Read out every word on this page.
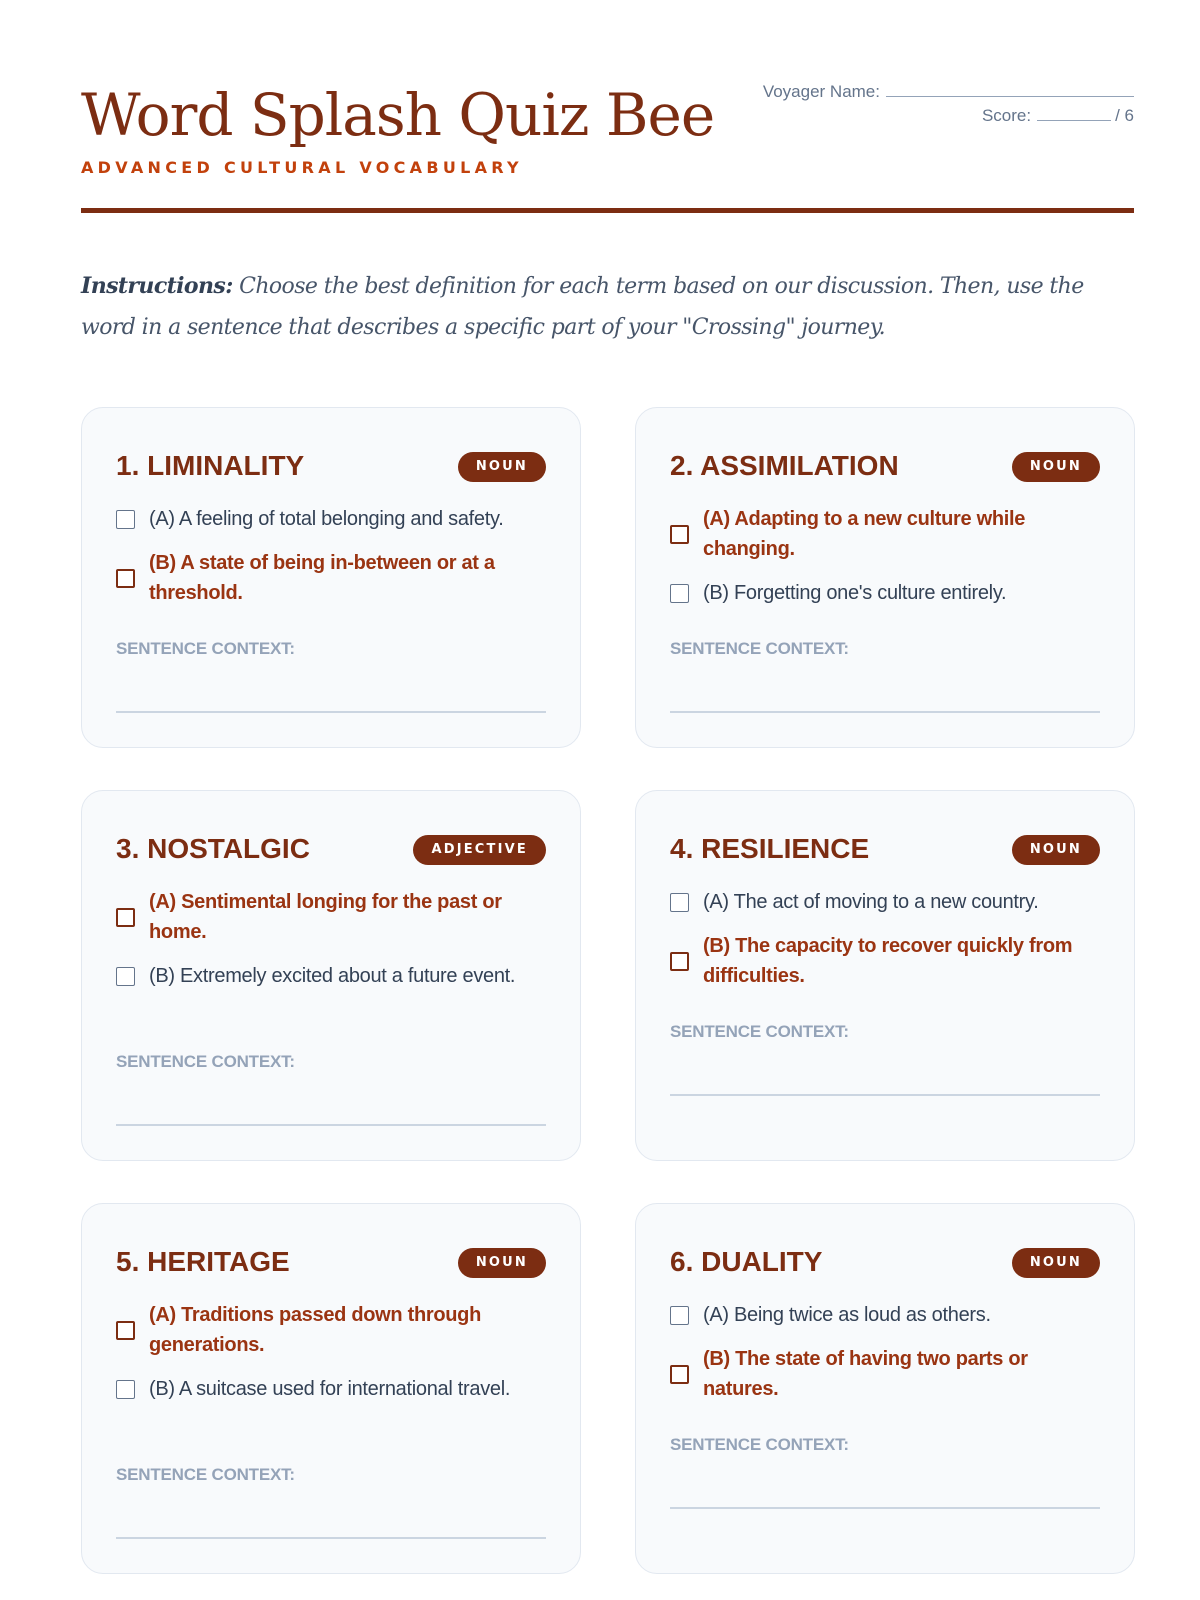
Word Splash Quiz Bee
ADVANCED CULTURAL VOCABULARY
Voyager Name:
Score:	/ 6
Instructions: Choose the best definition for each term based on our discussion. Then, use the word in a sentence that describes a specific part of your "Crossing" journey.
1. LIMINALITY	NOUN
(A) A feeling of total belonging and safety.
(B) A state of being in-between or at a threshold.
SENTENCE CONTEXT:
2. ASSIMILATION	NOUN
(A) Adapting to a new culture while changing.
(B) Forgetting one's culture entirely.
SENTENCE CONTEXT:
3. NOSTALGIC	ADJECTIVE
(A) Sentimental longing for the past or home.
(B) Extremely excited about a future event.
SENTENCE CONTEXT:
4. RESILIENCE	NOUN
(A) The act of moving to a new country.
(B) The capacity to recover quickly from difficulties.
SENTENCE CONTEXT:
5. HERITAGE	NOUN
(A) Traditions passed down through generations.
(B) A suitcase used for international travel.
SENTENCE CONTEXT:
6. DUALITY	NOUN
(A) Being twice as loud as others.
(B) The state of having two parts or natures.
SENTENCE CONTEXT:
